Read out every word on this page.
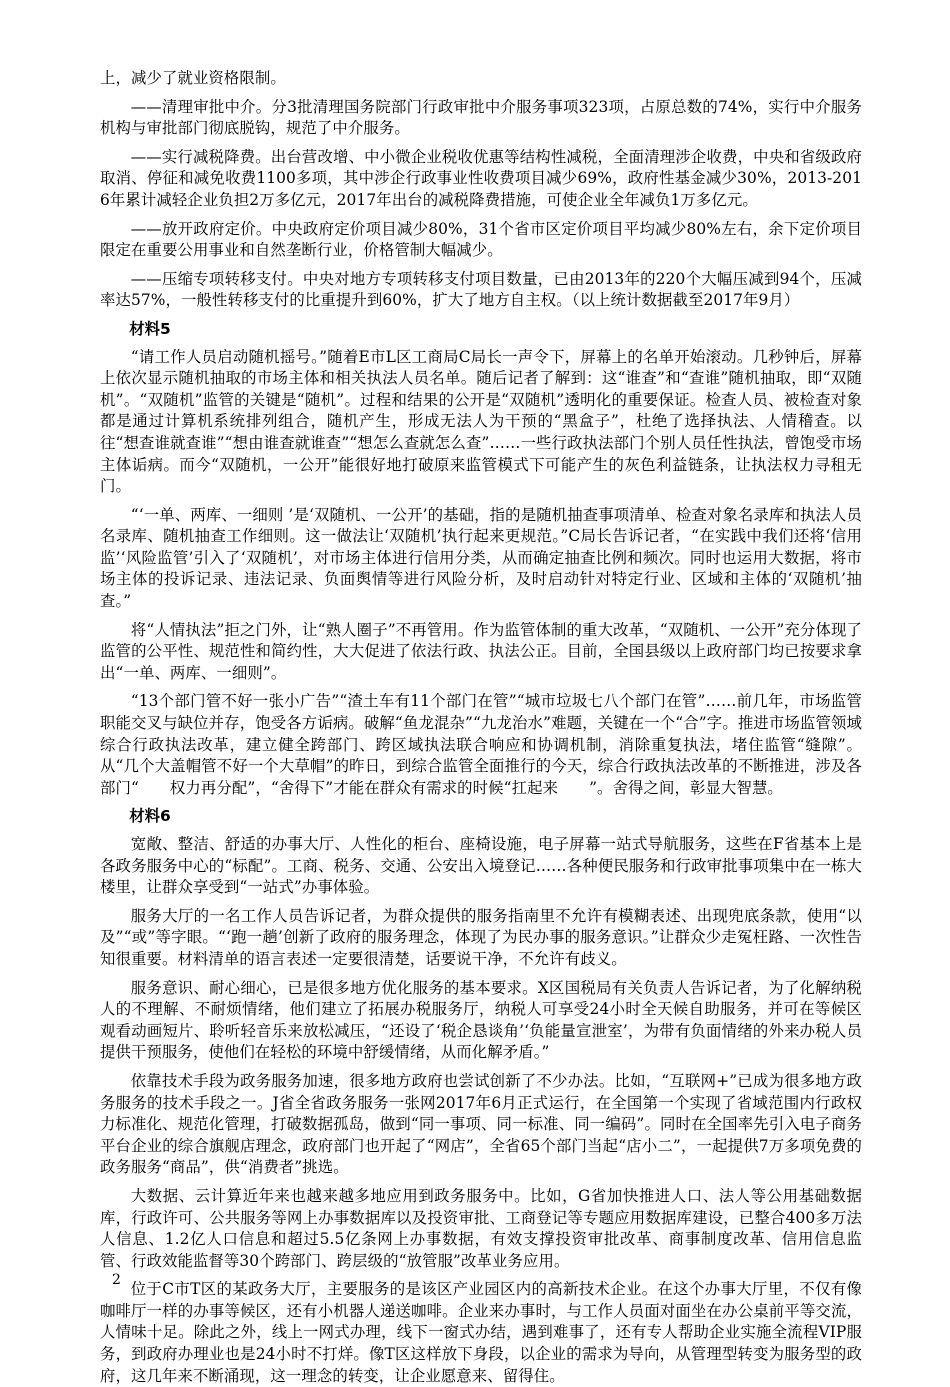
上，减少了就业资格限制。

——清理审批中介。分3批清理国务院部门行政审批中介服务事项323项，占原总数的74%，实行中介服务机构与审批部门彻底脱钩，规范了中介服务。

——实行减税降费。出台营改增、中小微企业税收优惠等结构性减税，全面清理涉企收费，中央和省级政府取消、停征和减免收费1100多项，其中涉企行政事业性收费项目减少69%，政府性基金减少30%，2013-2016年累计减轻企业负担2万多亿元，2017年出台的减税降费措施，可使企业全年减负1万多亿元。

——放开政府定价。中央政府定价项目减少80%，31个省市区定价项目平均减少80%左右，余下定价项目限定在重要公用事业和自然垄断行业，价格管制大幅减少。

——压缩专项转移支付。中央对地方专项转移支付项目数量，已由2013年的220个大幅压减到94个，压减率达57%，一般性转移支付的比重提升到60%，扩大了地方自主权。（以上统计数据截至2017年9月）

材料5

“请工作人员启动随机摇号。”随着E市L区工商局C局长一声令下，屏幕上的名单开始滚动。几秒钟后，屏幕上依次显示随机抽取的市场主体和相关执法人员名单。随后记者了解到：这“谁查”和“查谁”随机抽取，即“双随机”。“双随机”监管的关键是“随机”。过程和结果的公开是“双随机”透明化的重要保证。检查人员、被检查对象都是通过计算机系统排列组合，随机产生，形成无法人为干预的“黑盒子”，杜绝了选择执法、人情稽查。以往“想查谁就查谁”“想由谁查就谁查”“想怎么查就怎么查”……一些行政执法部门个别人员任性执法，曾饱受市场主体诟病。而今“双随机，一公开”能很好地打破原来监管模式下可能产生的灰色利益链条，让执法权力寻租无门。

“‘一单、两库、一细则 ’是‘双随机、一公开’的基础，指的是随机抽查事项清单、检查对象名录库和执法人员名录库、随机抽查工作细则。这一做法让‘双随机’执行起来更规范。”C局长告诉记者，“在实践中我们还将‘信用监’‘风险监管’引入了‘双随机’，对市场主体进行信用分类，从而确定抽查比例和频次。同时也运用大数据，将市场主体的投诉记录、违法记录、负面舆情等进行风险分析，及时启动针对特定行业、区域和主体的‘双随机’抽查。”

将“人情执法”拒之门外，让“熟人圈子”不再管用。作为监管体制的重大改革，“双随机、一公开”充分体现了监管的公平性、规范性和简约性，大大促进了依法行政、执法公正。目前，全国县级以上政府部门均已按要求拿出“一单、两库、一细则”。

“13个部门管不好一张小广告”“渣土车有11个部门在管”“城市垃圾七八个部门在管”……前几年，市场监管职能交叉与缺位并存，饱受各方诟病。破解“鱼龙混杂”“九龙治水”难题，关键在一个“合”字。推进市场监管领域综合行政执法改革，建立健全跨部门、跨区域执法联合响应和协调机制，消除重复执法，堵住监管“缝隙”。从“几个大盖帽管不好一个大草帽”的昨日，到综合监管全面推行的今天，综合行政执法改革的不断推进，涉及各部门“　　权力再分配”，“舍得下”才能在群众有需求的时候“扛起来　　”。舍得之间，彰显大智慧。

材料6

宽敞、整洁、舒适的办事大厅、人性化的柜台、座椅设施，电子屏幕一站式导航服务，这些在F省基本上是各政务服务中心的“标配”。工商、税务、交通、公安出入境登记……各种便民服务和行政审批事项集中在一栋大楼里，让群众享受到“一站式”办事体验。

服务大厅的一名工作人员告诉记者，为群众提供的服务指南里不允许有模糊表述、出现兜底条款，使用“以及”“或”等字眼。“‘跑一趟’创新了政府的服务理念，体现了为民办事的服务意识。”让群众少走冤枉路、一次性告知很重要。材料清单的语言表述一定要很清楚，话要说干净，不允许有歧义。

服务意识、耐心细心，已是很多地方优化服务的基本要求。X区国税局有关负责人告诉记者，为了化解纳税人的不理解、不耐烦情绪，他们建立了拓展办税服务厅，纳税人可享受24小时全天候自助服务，并可在等候区观看动画短片、聆听轻音乐来放松减压，“还设了‘税企恳谈角’‘负能量宣泄室’，为带有负面情绪的外来办税人员提供干预服务，使他们在轻松的环境中舒缓情绪，从而化解矛盾。”

依靠技术手段为政务服务加速，很多地方政府也尝试创新了不少办法。比如，“互联网+”已成为很多地方政务服务的技术手段之一。J省全省政务服务一张网2017年6月正式运行，在全国第一个实现了省域范围内行政权力标准化、规范化管理，打破数据孤岛，做到“同一事项、同一标准、同一编码”。同时在全国率先引入电子商务平台企业的综合旗舰店理念，政府部门也开起了“网店”，全省65个部门当起“店小二”，一起提供7万多项免费的政务服务“商品”，供“消费者”挑选。

大数据、云计算近年来也越来越多地应用到政务服务中。比如，G省加快推进人口、法人等公用基础数据库，行政许可、公共服务等网上办事数据库以及投资审批、工商登记等专题应用数据库建设，已整合400多万法人信息、1.2亿人口信息和超过5.5亿条网上办事数据，有效支撑投资审批改革、商事制度改革、信用信息监管、行政效能监督等30个跨部门、跨层级的“放管服”改革业务应用。

位于C市T区的某政务大厅，主要服务的是该区产业园区内的高新技术企业。在这个办事大厅里，不仅有像咖啡厅一样的办事等候区，还有小机器人递送咖啡。企业来办事时，与工作人员面对面坐在办公桌前平等交流，人情味十足。除此之外，线上一网式办理，线下一窗式办结，遇到难事了，还有专人帮助企业实施全流程VIP服务，到政府办理业也是24小时不打烊。像T区这样放下身段，以企业的需求为导向，从管理型转变为服务型的政府，这几年来不断涌现，这一理念的转变，让企业愿意来、留得住。

2
